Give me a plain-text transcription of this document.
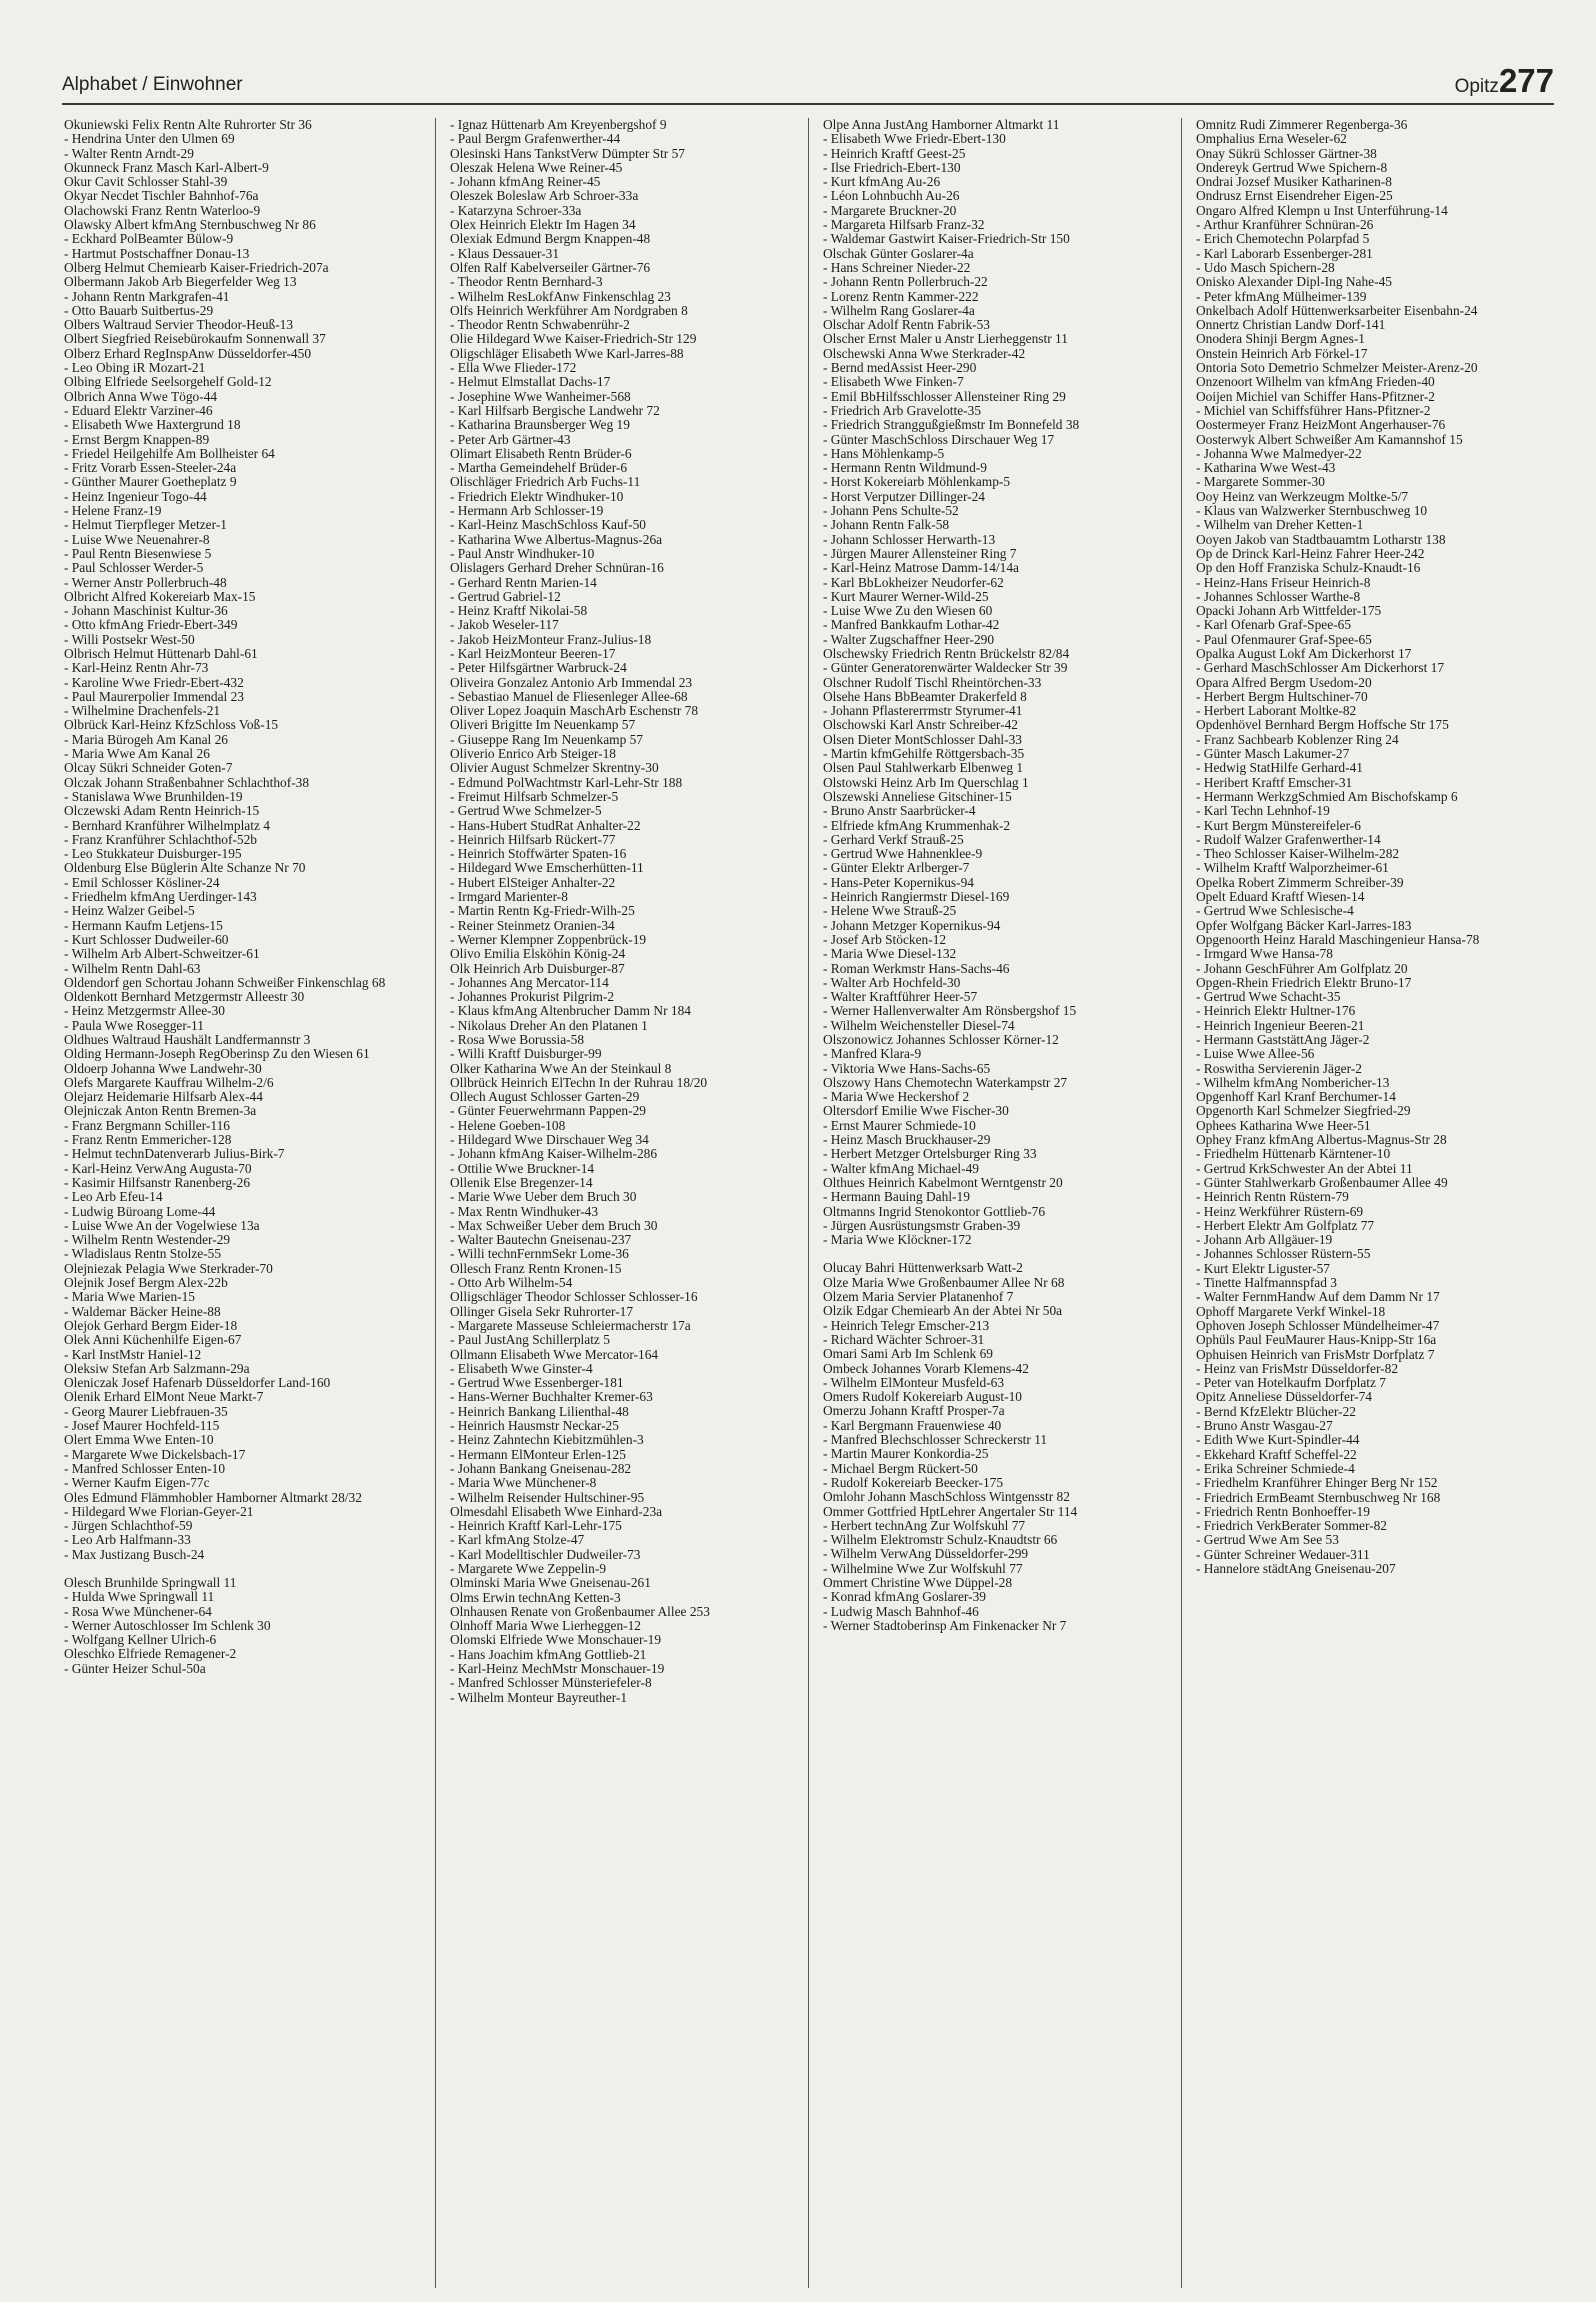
Alphabet / Einwohner	Opitz277
Okuniewski Felix Rentn Alte Ruhrorter Str 36
- Hendrina Unter den Ulmen 69
- Walter Rentn Arndt-29
Okunneck Franz Masch Karl-Albert-9
Okur Cavit Schlosser Stahl-39
Okyar Necdet Tischler Bahnhof-76a
Olachowski Franz Rentn Waterloo-9
Olawsky Albert kfmAng Sternbuschweg Nr 86
- Eckhard PolBeamter Bülow-9
- Hartmut Postschaffner Donau-13
Olberg Helmut Chemiearb Kaiser-Friedrich-207a
Olbermann Jakob Arb Biegerfelder Weg 13
- Johann Rentn Markgrafen-41
- Otto Bauarb Suitbertus-29
Olbers Waltraud Servier Theodor-Heuß-13
Olbert Siegfried Reisebürokaufm Sonnenwall 37
Olberz Erhard RegInspAnw Düsseldorfer-450
- Leo Obing iR Mozart-21
Olbing Elfriede Seelsorgehelf Gold-12
Olbrich Anna Wwe Tögo-44
- Eduard Elektr Varziner-46
- Elisabeth Wwe Haxtergrund 18
- Ernst Bergm Knappen-89
- Friedel Heilgehilfe Am Bollheister 64
- Fritz Vorarb Essen-Steeler-24a
- Günther Maurer Goetheplatz 9
- Heinz Ingenieur Togo-44
- Helene Franz-19
- Helmut Tierpfleger Metzer-1
- Luise Wwe Neuenahrer-8
- Paul Rentn Biesenwiese 5
- Paul Schlosser Werder-5
- Werner Anstr Pollerbruch-48
Olbricht Alfred Kokereiarb Max-15
- Johann Maschinist Kultur-36
- Otto kfmAng Friedr-Ebert-349
- Willi Postsekr West-50
Olbrisch Helmut Hüttenarb Dahl-61
- Karl-Heinz Rentn Ahr-73
- Karoline Wwe Friedr-Ebert-432
- Paul Maurerpolier Immendal 23
- Wilhelmine Drachenfels-21
Olbrück Karl-Heinz KfzSchloss Voß-15
- Maria Bürogeh Am Kanal 26
- Maria Wwe Am Kanal 26
Olcay Sükri Schneider Goten-7
Olczak Johann Straßenbahner Schlachthof-38
- Stanislawa Wwe Brunhilden-19
Olczewski Adam Rentn Heinrich-15
- Bernhard Kranführer Wilhelmplatz 4
- Franz Kranführer Schlachthof-52b
- Leo Stukkateur Duisburger-195
Oldenburg Else Büglerin Alte Schanze Nr 70
- Emil Schlosser Kösliner-24
- Friedhelm kfmAng Uerdinger-143
- Heinz Walzer Geibel-5
- Hermann Kaufm Letjens-15
- Kurt Schlosser Dudweiler-60
- Wilhelm Arb Albert-Schweitzer-61
- Wilhelm Rentn Dahl-63
Oldendorf gen Schortau Johann Schweißer Finkenschlag 68
Oldenkott Bernhard Metzgermstr Alleestr 30
- Heinz Metzgermstr Allee-30
- Paula Wwe Rosegger-11
Oldhues Waltraud Haushält Landfermannstr 3
Olding Hermann-Joseph RegOberinsp Zu den Wiesen 61
Oldoerp Johanna Wwe Landwehr-30
Olefs Margarete Kauffrau Wilhelm-2/6
Olejarz Heidemarie Hilfsarb Alex-44
Olejniczak Anton Rentn Bremen-3a
- Franz Bergmann Schiller-116
- Franz Rentn Emmericher-128
- Helmut technDatenverarb Julius-Birk-7
- Karl-Heinz VerwAng Augusta-70
- Kasimir Hilfsanstr Ranenberg-26
- Leo Arb Efeu-14
- Ludwig Büroang Lome-44
- Luise Wwe An der Vogelwiese 13a
- Wilhelm Rentn Westender-29
- Wladislaus Rentn Stolze-55
Olejniezak Pelagia Wwe Sterkrader-70
Olejnik Josef Bergm Alex-22b
- Maria Wwe Marien-15
- Waldemar Bäcker Heine-88
Olejok Gerhard Bergm Eider-18
Olek Anni Küchenhilfe Eigen-67
- Karl InstMstr Haniel-12
Oleksiw Stefan Arb Salzmann-29a
Oleniczak Josef Hafenarb Düsseldorfer Land-160
Olenik Erhard ElMont Neue Markt-7
- Georg Maurer Liebfrauen-35
- Josef Maurer Hochfeld-115
Olert Emma Wwe Enten-10
- Margarete Wwe Dickelsbach-17
- Manfred Schlosser Enten-10
- Werner Kaufm Eigen-77c
Oles Edmund Flämmhobler Hamborner Altmarkt 28/32
- Hildegard Wwe Florian-Geyer-21
- Jürgen Schlachthof-59
- Leo Arb Halfmann-33
- Max Justizang Busch-24
Olesch Brunhilde Springwall 11
- Hulda Wwe Springwall 11
- Rosa Wwe Münchener-64
- Werner Autoschlosser Im Schlenk 30
- Wolfgang Kellner Ulrich-6
Oleschko Elfriede Remagener-2
- Günter Heizer Schul-50a
- Ignaz Hüttenarb Am Kreyenbergshof 9
- Paul Bergm Grafenwerther-44
Olesinski Hans TankstVerw Dümpter Str 57
Oleszak Helena Wwe Reiner-45
- Johann kfmAng Reiner-45
Oleszek Boleslaw Arb Schroer-33a
- Katarzyna Schroer-33a
Olex Heinrich Elektr Im Hagen 34
Olexiak Edmund Bergm Knappen-48
- Klaus Dessauer-31
Olfen Ralf Kabelverseiler Gärtner-76
- Theodor Rentn Bernhard-3
- Wilhelm ResLokfAnw Finkenschlag 23
Olfs Heinrich Werkführer Am Nordgraben 8
- Theodor Rentn Schwabenrühr-2
Olie Hildegard Wwe Kaiser-Friedrich-Str 129
Oligschläger Elisabeth Wwe Karl-Jarres-88
- Ella Wwe Flieder-172
- Helmut Elmstallat Dachs-17
- Josephine Wwe Wanheimer-568
- Karl Hilfsarb Bergische Landwehr 72
- Katharina Braunsberger Weg 19
- Peter Arb Gärtner-43
Olimart Elisabeth Rentn Brüder-6
- Martha Gemeindehelf Brüder-6
Olischläger Friedrich Arb Fuchs-11
- Friedrich Elektr Windhuker-10
- Hermann Arb Schlosser-19
- Karl-Heinz MaschSchloss Kauf-50
- Katharina Wwe Albertus-Magnus-26a
- Paul Anstr Windhuker-10
Olislagers Gerhard Dreher Schnüran-16
- Gerhard Rentn Marien-14
- Gertrud Gabriel-12
- Heinz Kraftf Nikolai-58
- Jakob Weseler-117
- Jakob HeizMonteur Franz-Julius-18
- Karl HeizMonteur Beeren-17
- Peter Hilfsgärtner Warbruck-24
Oliveira Gonzalez Antonio Arb Immendal 23
- Sebastiao Manuel de Fliesenleger Allee-68
Oliver Lopez Joaquin MaschArb Eschenstr 78
Oliveri Brigitte Im Neuenkamp 57
- Giuseppe Rang Im Neuenkamp 57
Oliverio Enrico Arb Steiger-18
Olivier August Schmelzer Skrentny-30
- Edmund PolWachtmstr Karl-Lehr-Str 188
- Freimut Hilfsarb Schmelzer-5
- Gertrud Wwe Schmelzer-5
- Hans-Hubert StudRat Anhalter-22
- Heinrich Hilfsarb Rückert-77
- Heinrich Stoffwärter Spaten-16
- Hildegard Wwe Emscherhütten-11
- Hubert ElSteiger Anhalter-22
- Irmgard Marienter-8
- Martin Rentn Kg-Friedr-Wilh-25
- Reiner Steinmetz Oranien-34
- Werner Klempner Zoppenbrück-19
Olivo Emilia Elsköhin König-24
Olk Heinrich Arb Duisburger-87
- Johannes Ang Mercator-114
- Johannes Prokurist Pilgrim-2
- Klaus kfmAng Altenbrucher Damm Nr 184
- Nikolaus Dreher An den Platanen 1
- Rosa Wwe Borussia-58
- Willi Kraftf Duisburger-99
Olker Katharina Wwe An der Steinkaul 8
Ollbrück Heinrich ElTechn In der Ruhrau 18/20
Ollech August Schlosser Garten-29
- Günter Feuerwehrmann Pappen-29
- Helene Goeben-108
- Hildegard Wwe Dirschauer Weg 34
- Johann kfmAng Kaiser-Wilhelm-286
- Ottilie Wwe Bruckner-14
Ollenik Else Bregenzer-14
- Marie Wwe Ueber dem Bruch 30
- Max Rentn Windhuker-43
- Max Schweißer Ueber dem Bruch 30
- Walter Bautechn Gneisenau-237
- Willi technFernmSekr Lome-36
Ollesch Franz Rentn Kronen-15
- Otto Arb Wilhelm-54
Olligschläger Theodor Schlosser Schlosser-16
Ollinger Gisela Sekr Ruhrorter-17
- Margarete Masseuse Schleiermacherstr 17a
- Paul JustAng Schillerplatz 5
Ollmann Elisabeth Wwe Mercator-164
- Elisabeth Wwe Ginster-4
- Gertrud Wwe Essenberger-181
- Hans-Werner Buchhalter Kremer-63
- Heinrich Bankang Lilienthal-48
- Heinrich Hausmstr Neckar-25
- Heinz Zahntechn Kiebitzmühlen-3
- Hermann ElMonteur Erlen-125
- Johann Bankang Gneisenau-282
- Maria Wwe Münchener-8
- Wilhelm Reisender Hultschiner-95
Olmesdahl Elisabeth Wwe Einhard-23a
- Heinrich Kraftf Karl-Lehr-175
- Karl kfmAng Stolze-47
- Karl Modelltischler Dudweiler-73
- Margarete Wwe Zeppelin-9
Olminski Maria Wwe Gneisenau-261
Olms Erwin technAng Ketten-3
Olnhausen Renate von Großenbaumer Allee 253
Olnhoff Maria Wwe Lierheggen-12
Olomski Elfriede Wwe Monschauer-19
- Hans Joachim kfmAng Gottlieb-21
- Karl-Heinz MechMstr Monschauer-19
- Manfred Schlosser Münsteriefeler-8
- Wilhelm Monteur Bayreuther-1
Olpe Anna JustAng Hamborner Altmarkt 11
- Elisabeth Wwe Friedr-Ebert-130
- Heinrich Kraftf Geest-25
- Ilse Friedrich-Ebert-130
- Kurt kfmAng Au-26
- Léon Lohnbuchh Au-26
- Margarete Bruckner-20
- Margareta Hilfsarb Franz-32
- Waldemar Gastwirt Kaiser-Friedrich-Str 150
Olschak Günter Goslarer-4a
- Hans Schreiner Nieder-22
- Johann Rentn Pollerbruch-22
- Lorenz Rentn Kammer-222
- Wilhelm Rang Goslarer-4a
Olschar Adolf Rentn Fabrik-53
Olscher Ernst Maler u Anstr Lierheggenstr 11
Olschewski Anna Wwe Sterkrader-42
- Bernd medAssist Heer-290
- Elisabeth Wwe Finken-7
- Emil BbHilfsschlosser Allensteiner Ring 29
- Friedrich Arb Gravelotte-35
- Friedrich Stranggußgießmstr Im Bonnefeld 38
- Günter MaschSchloss Dirschauer Weg 17
- Hans Möhlenkamp-5
- Hermann Rentn Wildmund-9
- Horst Kokereiarb Möhlenkamp-5
- Horst Verputzer Dillinger-24
- Johann Pens Schulte-52
- Johann Rentn Falk-58
- Johann Schlosser Herwarth-13
- Jürgen Maurer Allensteiner Ring 7
- Karl-Heinz Matrose Damm-14/14a
- Karl BbLokheizer Neudorfer-62
- Kurt Maurer Werner-Wild-25
- Luise Wwe Zu den Wiesen 60
- Manfred Bankkaufm Lothar-42
- Walter Zugschaffner Heer-290
Olschewsky Friedrich Rentn Brückelstr 82/84
- Günter Generatorenwärter Waldecker Str 39
Olschner Rudolf Tischl Rheintörchen-33
Olsehe Hans BbBeamter Drakerfeld 8
- Johann Pflastererrmstr Styrumer-41
Olschowski Karl Anstr Schreiber-42
Olsen Dieter MontSchlosser Dahl-33
- Martin kfmGehilfe Röttgersbach-35
Olsen Paul Stahlwerkarb Elbenweg 1
Olstowski Heinz Arb Im Querschlag 1
Olszewski Anneliese Gitschiner-15
- Bruno Anstr Saarbrücker-4
- Elfriede kfmAng Krummenhak-2
- Gerhard Verkf Strauß-25
- Gertrud Wwe Hahnenklee-9
- Günter Elektr Arlberger-7
- Hans-Peter Kopernikus-94
- Heinrich Rangiermstr Diesel-169
- Helene Wwe Strauß-25
- Johann Metzger Kopernikus-94
- Josef Arb Stöcken-12
- Maria Wwe Diesel-132
- Roman Werkmstr Hans-Sachs-46
- Walter Arb Hochfeld-30
- Walter Kraftführer Heer-57
- Werner Hallenverwalter Am Rönsbergshof 15
- Wilhelm Weichensteller Diesel-74
Olszonowicz Johannes Schlosser Körner-12
- Manfred Klara-9
- Viktoria Wwe Hans-Sachs-65
Olszowy Hans Chemotechn Waterkampstr 27
- Maria Wwe Heckershof 2
Oltersdorf Emilie Wwe Fischer-30
- Ernst Maurer Schmiede-10
- Heinz Masch Bruckhauser-29
- Herbert Metzger Ortelsburger Ring 33
- Walter kfmAng Michael-49
Olthues Heinrich Kabelmont Werntgenstr 20
- Hermann Bauing Dahl-19
Oltmanns Ingrid Stenokontor Gottlieb-76
- Jürgen Ausrüstungsmstr Graben-39
- Maria Wwe Klöckner-172
Olucay Bahri Hüttenwerksarb Watt-2
Olze Maria Wwe Großenbaumer Allee Nr 68
Olzem Maria Servier Platanenhof 7
Olzik Edgar Chemiearb An der Abtei Nr 50a
- Heinrich Telegr Emscher-213
- Richard Wächter Schroer-31
Omari Sami Arb Im Schlenk 69
Ombeck Johannes Vorarb Klemens-42
- Wilhelm ElMonteur Musfeld-63
Omers Rudolf Kokereiarb August-10
Omerzu Johann Kraftf Prosper-7a
- Karl Bergmann Frauenwiese 40
- Manfred Blechschlosser Schreckerstr 11
- Martin Maurer Konkordia-25
- Michael Bergm Rückert-50
- Rudolf Kokereiarb Beecker-175
Omlohr Johann MaschSchloss Wintgensstr 82
Ommer Gottfried HptLehrer Angertaler Str 114
- Herbert technAng Zur Wolfskuhl 77
- Wilhelm Elektromstr Schulz-Knaudtstr 66
- Wilhelm VerwAng Düsseldorfer-299
- Wilhelmine Wwe Zur Wolfskuhl 77
Ommert Christine Wwe Düppel-28
- Konrad kfmAng Goslarer-39
- Ludwig Masch Bahnhof-46
- Werner Stadtoberinsp Am Finkenacker Nr 7
Omnitz Rudi Zimmerer Regenberga-36
Omphalius Erna Weseler-62
Onay Sükrü Schlosser Gärtner-38
Ondereyk Gertrud Wwe Spichern-8
Ondrai Jozsef Musiker Katharinen-8
Ondrusz Ernst Eisendreher Eigen-25
Ongaro Alfred Klempn u Inst Unterführung-14
- Arthur Kranführer Schnüran-26
- Erich Chemotechn Polarpfad 5
- Karl Laborarb Essenberger-281
- Udo Masch Spichern-28
Onisko Alexander Dipl-Ing Nahe-45
- Peter kfmAng Mülheimer-139
Onkelbach Adolf Hüttenwerksarbeiter Eisenbahn-24
Onnertz Christian Landw Dorf-141
Onodera Shinji Bergm Agnes-1
Onstein Heinrich Arb Förkel-17
Ontoria Soto Demetrio Schmelzer Meister-Arenz-20
Onzenoort Wilhelm van kfmAng Frieden-40
Ooijen Michiel van Schiffer Hans-Pfitzner-2
- Michiel van Schiffsführer Hans-Pfitzner-2
Oostermeyer Franz HeizMont Angerhauser-76
Oosterwyk Albert Schweißer Am Kamannshof 15
- Johanna Wwe Malmedyer-22
- Katharina Wwe West-43
- Margarete Sommer-30
Ooy Heinz van Werkzeugm Moltke-5/7
- Klaus van Walzwerker Sternbuschweg 10
- Wilhelm van Dreher Ketten-1
Ooyen Jakob van Stadtbauamtm Lotharstr 138
Op de Drinck Karl-Heinz Fahrer Heer-242
Op den Hoff Franziska Schulz-Knaudt-16
- Heinz-Hans Friseur Heinrich-8
- Johannes Schlosser Warthe-8
Opacki Johann Arb Wittfelder-175
- Karl Ofenarb Graf-Spee-65
- Paul Ofenmaurer Graf-Spee-65
Opalka August Lokf Am Dickerhorst 17
- Gerhard MaschSchlosser Am Dickerhorst 17
Opara Alfred Bergm Usedom-20
- Herbert Bergm Hultschiner-70
- Herbert Laborant Moltke-82
Opdenhövel Bernhard Bergm Hoffsche Str 175
- Franz Sachbearb Koblenzer Ring 24
- Günter Masch Lakumer-27
- Hedwig StatHilfe Gerhard-41
- Heribert Kraftf Emscher-31
- Hermann WerkzgSchmied Am Bischofskamp 6
- Karl Techn Lehnhof-19
- Kurt Bergm Münstereifeler-6
- Rudolf Walzer Grafenwerther-14
- Theo Schlosser Kaiser-Wilhelm-282
- Wilhelm Kraftf Walporzheimer-61
Opelka Robert Zimmerm Schreiber-39
Opelt Eduard Kraftf Wiesen-14
- Gertrud Wwe Schlesische-4
Opfer Wolfgang Bäcker Karl-Jarres-183
Opgenoorth Heinz Harald Maschingenieur Hansa-78
- Irmgard Wwe Hansa-78
- Johann GeschFührer Am Golfplatz 20
Opgen-Rhein Friedrich Elektr Bruno-17
- Gertrud Wwe Schacht-35
- Heinrich Elektr Hultner-176
- Heinrich Ingenieur Beeren-21
- Hermann GaststättAng Jäger-2
- Luise Wwe Allee-56
- Roswitha Servierenin Jäger-2
- Wilhelm kfmAng Nombericher-13
Opgenhoff Karl Kranf Berchumer-14
Opgenorth Karl Schmelzer Siegfried-29
Ophees Katharina Wwe Heer-51
Ophey Franz kfmAng Albertus-Magnus-Str 28
- Friedhelm Hüttenarb Kärntener-10
- Gertrud KrkSchwester An der Abtei 11
- Günter Stahlwerkarb Großenbaumer Allee 49
- Heinrich Rentn Rüstern-79
- Heinz Werkführer Rüstern-69
- Herbert Elektr Am Golfplatz 77
- Johann Arb Allgäuer-19
- Johannes Schlosser Rüstern-55
- Kurt Elektr Liguster-57
- Tinette Halfmannspfad 3
- Walter FernmHandw Auf dem Damm Nr 17
Ophoff Margarete Verkf Winkel-18
Ophoven Joseph Schlosser Mündelheimer-47
Ophüls Paul FeuMaurer Haus-Knipp-Str 16a
Ophuisen Heinrich van FrisMstr Dorfplatz 7
- Heinz van FrisMstr Düsseldorfer-82
- Peter van Hotelkaufm Dorfplatz 7
Opitz Anneliese Düsseldorfer-74
- Bernd KfzElektr Blücher-22
- Bruno Anstr Wasgau-27
- Edith Wwe Kurt-Spindler-44
- Ekkehard Kraftf Scheffel-22
- Erika Schreiner Schmiede-4
- Friedhelm Kranführer Ehinger Berg Nr 152
- Friedrich ErmBeamt Sternbuschweg Nr 168
- Friedrich Rentn Bonhoeffer-19
- Friedrich VerkBerater Sommer-82
- Gertrud Wwe Am See 53
- Günter Schreiner Wedauer-311
- Hannelore städtAng Gneisenau-207
